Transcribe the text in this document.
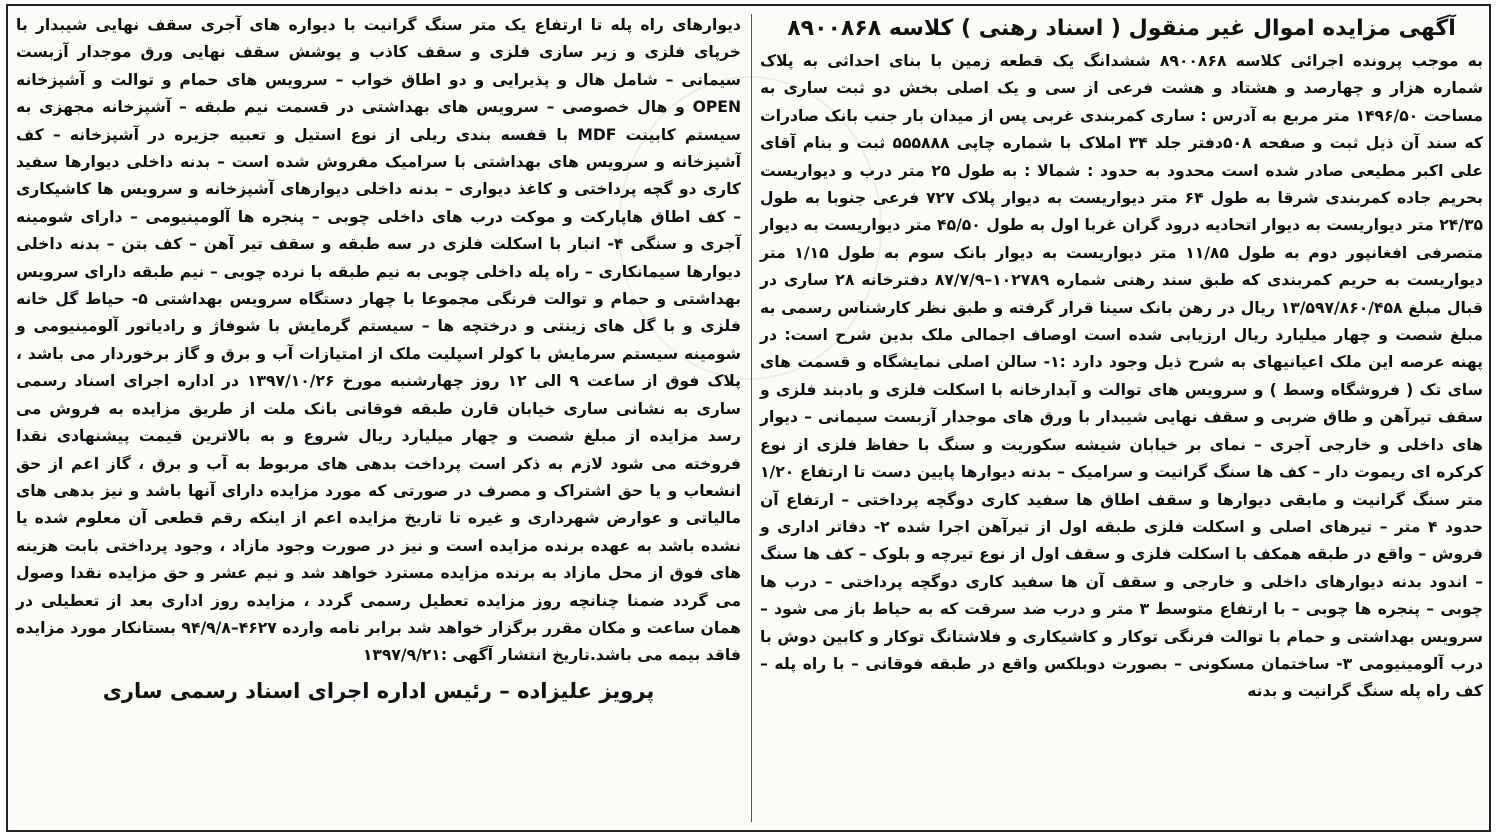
آگهی مزایده اموال غیر منقول ( اسناد رهنی ) کلاسه ۸۹۰۰۸۶۸

به موجب پرونده اجرائی کلاسه ۸۹۰۰۸۶۸ ششدانگ یک قطعه زمین با بنای احداثی به پلاک شماره هزار و چهارصد و هشتاد و هشت فرعی از سی و یک اصلی بخش دو ثبت ساری به مساحت ۱۴۹۶/۵۰ متر مربع به آدرس : ساری کمربندی غربی پس از میدان بار جنب بانک صادرات که سند آن ذیل ثبت و صفحه ۵۰۸دفتر جلد ۳۴ املاک با شماره چاپی ۵۵۵۸۸۸ ثبت و بنام آقای علی اکبر مطیعی صادر شده است محدود به حدود : شمالا : به طول ۲۵ متر درب و دیواریست بحریم جاده کمربندی شرقا به طول ۶۴ متر دیواریست به دیوار پلاک ۷۲۷ فرعی جنوبا به طول ۲۴/۳۵ متر دیواریست به دیوار اتحادیه درود گران غربا اول به طول ۴۵/۵۰ متر دیواریست به دیوار متصرفی افغانپور دوم به طول ۱۱/۸۵ متر دیواریست به دیوار بانک سوم به طول ۱/۱۵ متر دیواریست به حریم کمربندی که طبق سند رهنی شماره ۱۰۲۷۸۹–۸۷/۷/۹ دفترخانه ۲۸ ساری در قبال مبلغ ۱۳/۵۹۷/۸۶۰/۴۵۸ ریال در رهن بانک سینا قرار گرفته و طبق نظر کارشناس رسمی به مبلغ شصت و چهار میلیارد ریال ارزیابی شده است اوصاف اجمالی ملک بدین شرح است: در پهنه عرصه این ملک اعیانیهای به شرح ذیل وجود دارد :۱- سالن اصلی نمایشگاه و قسمت های سای تک ( فروشگاه وسط ) و سرویس های توالت و آبدارخانه با اسکلت فلزی و بادبند فلزی و سقف تیرآهن و طاق ضربی و سقف نهایی شیبدار با ورق های موجدار آزبست سیمانی – دیوار های داخلی و خارجی آجری – نمای بر خیابان شیشه سکوریت و سنگ با حفاظ فلزی از نوع کرکره ای ریموت دار – کف ها سنگ گرانیت و سرامیک – بدنه دیوارها پایین دست تا ارتفاع ۱/۲۰ متر سنگ گرانیت و مابقی دیوارها و سقف اطاق ها سفید کاری دوگچه پرداختی – ارتفاع آن حدود ۴ متر – تیرهای اصلی و اسکلت فلزی طبقه اول از تیرآهن اجرا شده ۲- دفاتر اداری و فروش – واقع در طبقه همکف با اسکلت فلزی و سقف اول از نوع تیرچه و بلوک – کف ها سنگ – اندود بدنه دیوارهای داخلی و خارجی و سقف آن ها سفید کاری دوگچه پرداختی – درب ها چوبی – پنجره ها چوبی – با ارتفاع متوسط ۳ متر و درب ضد سرقت که به حیاط باز می شود – سرویس بهداشتی و حمام با توالت فرنگی توکار و کاشیکاری و فلاشتانگ توکار و کابین دوش با درب آلومینیومی ۳- ساختمان مسکونی – بصورت دوبلکس واقع در طبقه فوقانی – با راه پله – کف راه پله سنگ گرانیت و بدنه

دیوارهای راه پله تا ارتفاع یک متر سنگ گرانیت با دیواره های آجری سقف نهایی شیبدار با خرپای فلزی و زیر سازی فلزی و سقف کاذب و پوشش سقف نهایی ورق موجدار آزبست سیمانی – شامل هال و پذیرایی و دو اطاق خواب – سرویس های حمام و توالت و آشپزخانه OPEN و هال خصوصی – سرویس های بهداشتی در قسمت نیم طبقه – آشپزخانه مجهزی به سیستم کابینت MDF با قفسه بندی ریلی از نوع استیل و تعبیه جزیره در آشپزخانه – کف آشپزخانه و سرویس های بهداشتی با سرامیک مفروش شده است – بدنه داخلی دیوارها سفید کاری دو گچه پرداختی و کاغذ دیواری – بدنه داخلی دیوارهای آشپزخانه و سرویس ها کاشیکاری – کف اطاق هاپارکت و موکت درب های داخلی چوبی – پنجره ها آلومینیومی – دارای شومینه آجری و سنگی ۴- انبار با اسکلت فلزی در سه طبقه و سقف تیر آهن – کف بتن – بدنه داخلی دیوارها سیمانکاری – راه پله داخلی چوبی به نیم طبقه با نرده چوبی – نیم طبقه دارای سرویس بهداشتی و حمام و توالت فرنگی مجموعا با چهار دستگاه سرویس بهداشتی ۵- حیاط گل خانه فلزی و با گل های زینتی و درختچه ها – سیستم گرمایش با شوفاژ و رادیاتور آلومینیومی و شومینه سیستم سرمایش با کولر اسپلیت ملک از امتیازات آب و برق و گاز برخوردار می باشد ، پلاک فوق از ساعت ۹ الی ۱۲ روز چهارشنبه مورخ ۱۳۹۷/۱۰/۲۶ در اداره اجرای اسناد رسمی ساری به نشانی ساری خیابان قارن طبقه فوقانی بانک ملت از طریق مزایده به فروش می رسد مزایده از مبلغ شصت و چهار میلیارد ریال شروع و به بالاترین قیمت پیشنهادی نقدا فروخته می شود لازم به ذکر است پرداخت بدهی های مربوط به آب و برق ، گاز اعم از حق انشعاب و یا حق اشتراک و مصرف در صورتی که مورد مزایده دارای آنها باشد و نیز بدهی های مالیاتی و عوارض شهرداری و غیره تا تاریخ مزایده اعم از اینکه رقم قطعی آن معلوم شده یا نشده باشد به عهده برنده مزایده است و نیز در صورت وجود مازاد ، وجود پرداختی بابت هزینه های فوق از محل مازاد به برنده مزایده مسترد خواهد شد و نیم عشر و حق مزایده نقدا وصول می گردد ضمنا چنانچه روز مزایده تعطیل رسمی گردد ، مزایده روز اداری بعد از تعطیلی در همان ساعت و مکان مقرر برگزار خواهد شد برابر نامه وارده ۴۶۲۷–۹۴/۹/۸ بستانکار مورد مزایده فاقد بیمه می باشد.تاریخ انتشار آگهی :۱۳۹۷/۹/۲۱

پرویز علیزاده – رئیس اداره اجرای اسناد رسمی ساری
